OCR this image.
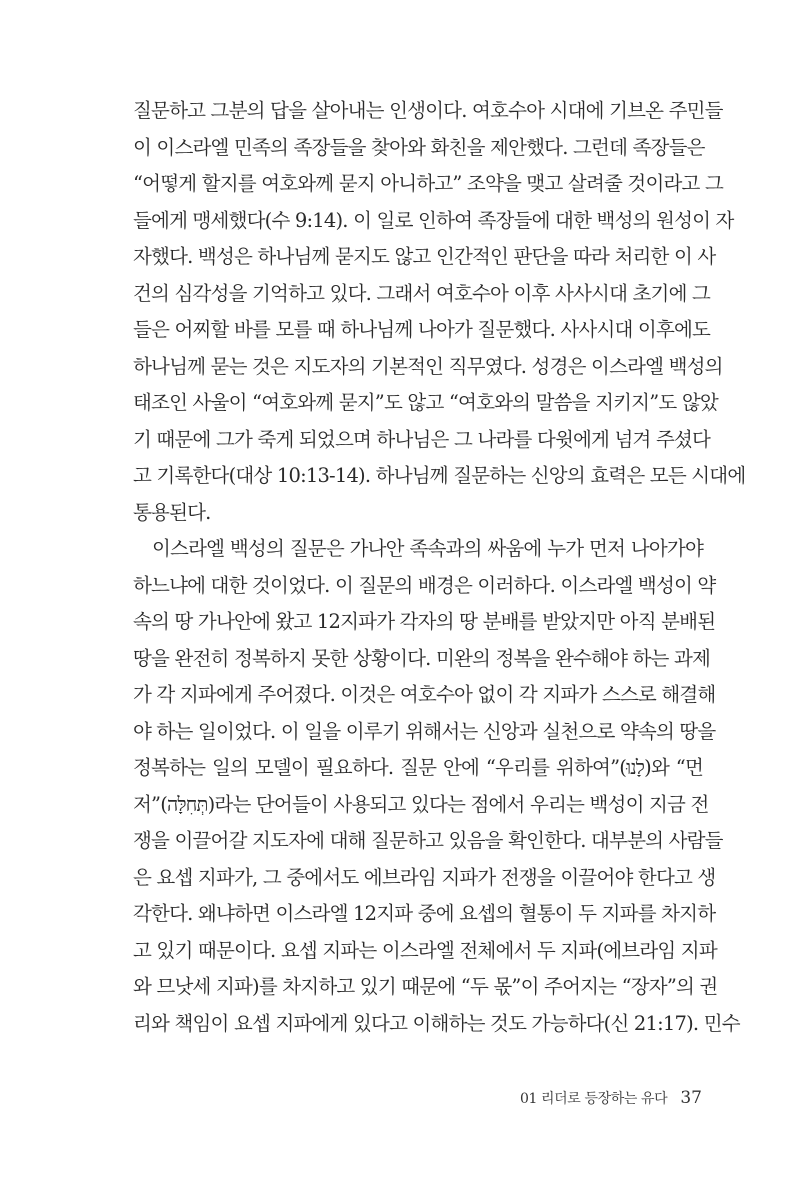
질문하고 그분의 답을 살아내는 인생이다. 여호수아 시대에 기브온 주민들
이 이스라엘 민족의 족장들을 찾아와 화친을 제안했다. 그런데 족장들은
“어떻게 할지를 여호와께 묻지 아니하고” 조약을 맺고 살려줄 것이라고 그
들에게 맹세했다(수 9:14). 이 일로 인하여 족장들에 대한 백성의 원성이 자
자했다. 백성은 하나님께 묻지도 않고 인간적인 판단을 따라 처리한 이 사
건의 심각성을 기억하고 있다. 그래서 여호수아 이후 사사시대 초기에 그
들은 어찌할 바를 모를 때 하나님께 나아가 질문했다. 사사시대 이후에도
하나님께 묻는 것은 지도자의 기본적인 직무였다. 성경은 이스라엘 백성의
태조인 사울이 “여호와께 묻지”도 않고 “여호와의 말씀을 지키지”도 않았
기 때문에 그가 죽게 되었으며 하나님은 그 나라를 다윗에게 넘겨 주셨다
고 기록한다(대상 10:13-14). 하나님께 질문하는 신앙의 효력은 모든 시대에
통용된다.
이스라엘 백성의 질문은 가나안 족속과의 싸움에 누가 먼저 나아가야
하느냐에 대한 것이었다. 이 질문의 배경은 이러하다. 이스라엘 백성이 약
속의 땅 가나안에 왔고 12지파가 각자의 땅 분배를 받았지만 아직 분배된
땅을 완전히 정복하지 못한 상황이다. 미완의 정복을 완수해야 하는 과제
가 각 지파에게 주어졌다. 이것은 여호수아 없이 각 지파가 스스로 해결해
야 하는 일이었다. 이 일을 이루기 위해서는 신앙과 실천으로 약속의 땅을
정복하는 일의 모델이 필요하다. 질문 안에 “우리를 위하여”(לָנוּ)와 “먼
저”(תְּחִלָּה)라는 단어들이 사용되고 있다는 점에서 우리는 백성이 지금 전
쟁을 이끌어갈 지도자에 대해 질문하고 있음을 확인한다. 대부분의 사람들
은 요셉 지파가, 그 중에서도 에브라임 지파가 전쟁을 이끌어야 한다고 생
각한다. 왜냐하면 이스라엘 12지파 중에 요셉의 혈통이 두 지파를 차지하
고 있기 때문이다. 요셉 지파는 이스라엘 전체에서 두 지파(에브라임 지파
와 므낫세 지파)를 차지하고 있기 때문에 “두 몫”이 주어지는 “장자”의 권
리와 책임이 요셉 지파에게 있다고 이해하는 것도 가능하다(신 21:17). 민수
01 리더로 등장하는 유다 37
